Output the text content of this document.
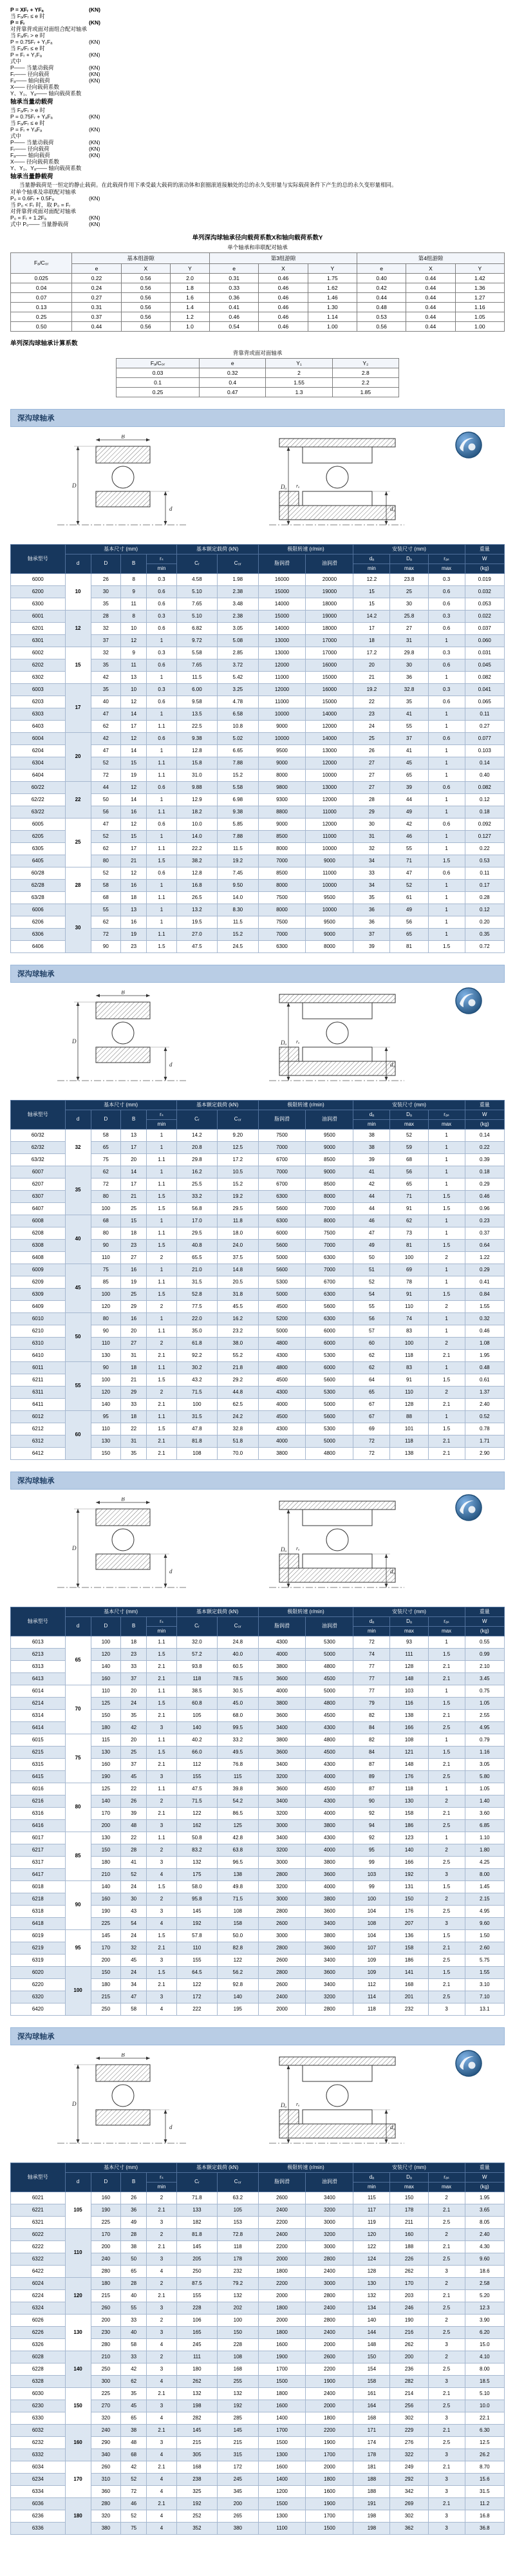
P = XFᵣ + YFₐ	(KN)
当 Fₐ/Fᵣ ≤ e 时
P = Fᵣ	(KN)
对背靠背或面对面组合配对轴承
当 Fₐ/Fᵣ > e 时
P = 0.75Fᵣ + Y₁Fₐ	(KN)
当 Fₐ/Fᵣ ≤ e 时
P = Fᵣ + Y₁Fₐ	(KN)
式中
P—— 当量动载荷	(KN)
Fᵣ—— 径向载荷	(KN)
Fₐ—— 轴向载荷	(KN)
X—— 径向载荷系数
Y、Y₁、Yₐ—— 轴向载荷系数
轴承当量动载荷
当 Fₐ/Fᵣ > e 时
P = 0.75Fᵣ + YₐFₐ	(KN)
当 Fₐ/Fᵣ ≤ e 时
P = Fᵣ + YₐFₐ	(KN)
式中
P—— 当量动载荷	(KN)
Fᵣ—— 径向载荷	(KN)
Fₐ—— 轴向载荷	(KN)
X—— 径向载荷系数
Y、Y₁、Yₐ—— 轴向载荷系数
轴承当量静载荷
当量静载荷是一恒定的静止载荷。在此载荷作用下承受最大载荷的滚动体和套圈滚道接触处的总的永久变形量与实际载荷条件下产生的总的永久变形量相同。
对单个轴承及串联配对轴承
P₀ = 0.6Fᵣ + 0.5Fₐ	(KN)
当 P₀ < Fᵣ 时，取 P₀ = Fᵣ
对背靠背或面对面配对轴承
P₀ = Fᵣ + 1.2Fₐ	(KN)
式中 P₀—— 当量静载荷	(KN)
单列深沟球轴承径向载荷系数X和轴向载荷系数Y
单个轴承和串联配对轴承
Fₐ/C₀ᵣ	基本组游隙			第3组游隙			第4组游隙		
	e	X	Y	e	X	Y	e	X	Y
0.025	0.22	0.56	2.0	0.31	0.46	1.75	0.40	0.44	1.42
0.04	0.24	0.56	1.8	0.33	0.46	1.62	0.42	0.44	1.36
0.07	0.27	0.56	1.6	0.36	0.46	1.46	0.44	0.44	1.27
0.13	0.31	0.56	1.4	0.41	0.46	1.30	0.48	0.44	1.16
0.25	0.37	0.56	1.2	0.46	0.46	1.14	0.53	0.44	1.05
0.50	0.44	0.56	1.0	0.54	0.46	1.00	0.56	0.44	1.00
单列深沟球轴承计算系数
背靠背或面对面轴承
Fₐ/C₀ᵣ	e	Y₁	Y₂
0.03	0.32	2	2.8
0.1	0.4	1.55	2.2
0.25	0.47	1.3	1.85
深沟球轴承
B
D
d
Dₐ
dₐ
rₐ
轴承型号	基本尺寸 (mm)				基本额定载荷 (kN)		极限转速 (r/min)		安装尺寸 (mm)			重量
	d	D	B	rₛ	Cᵣ	C₀ᵣ	脂润滑	油润滑	dₐ	Dₐ	rₐₛ	W
				min					min	max	max	(kg)
6000	10	26	8	0.3	4.58	1.98	16000	20000	12.2	23.8	0.3	0.019
6200		30	9	0.6	5.10	2.38	15000	19000	15	25	0.6	0.032
6300		35	11	0.6	7.65	3.48	14000	18000	15	30	0.6	0.053
6001	12	28	8	0.3	5.10	2.38	15000	19000	14.2	25.8	0.3	0.022
6201		32	10	0.6	6.82	3.05	14000	18000	17	27	0.6	0.037
6301		37	12	1	9.72	5.08	13000	17000	18	31	1	0.060
6002	15	32	9	0.3	5.58	2.85	13000	17000	17.2	29.8	0.3	0.031
6202		35	11	0.6	7.65	3.72	12000	16000	20	30	0.6	0.045
6302		42	13	1	11.5	5.42	11000	15000	21	36	1	0.082
6003	17	35	10	0.3	6.00	3.25	12000	16000	19.2	32.8	0.3	0.041
6203		40	12	0.6	9.58	4.78	11000	15000	22	35	0.6	0.065
6303		47	14	1	13.5	6.58	10000	14000	23	41	1	0.11
6403		62	17	1.1	22.5	10.8	9000	12000	24	55	1	0.27
6004	20	42	12	0.6	9.38	5.02	10000	14000	25	37	0.6	0.077
6204		47	14	1	12.8	6.65	9500	13000	26	41	1	0.103
6304		52	15	1.1	15.8	7.88	9000	12000	27	45	1	0.14
6404		72	19	1.1	31.0	15.2	8000	10000	27	65	1	0.40
60/22	22	44	12	0.6	9.88	5.58	9800	13000	27	39	0.6	0.082
62/22		50	14	1	12.9	6.98	9300	12000	28	44	1	0.12
63/22		56	16	1.1	18.2	9.38	8800	11000	29	49	1	0.18
6005	25	47	12	0.6	10.0	5.85	9000	12000	30	42	0.6	0.092
6205		52	15	1	14.0	7.88	8500	11000	31	46	1	0.127
6305		62	17	1.1	22.2	11.5	8000	10000	32	55	1	0.22
6405		80	21	1.5	38.2	19.2	7000	9000	34	71	1.5	0.53
60/28	28	52	12	0.6	12.8	7.45	8500	11000	33	47	0.6	0.11
62/28		58	16	1	16.8	9.50	8000	10000	34	52	1	0.17
63/28		68	18	1.1	26.5	14.0	7500	9500	35	61	1	0.28
6006	30	55	13	1	13.2	8.30	8000	10000	36	49	1	0.12
6206		62	16	1	19.5	11.5	7500	9500	36	56	1	0.20
6306		72	19	1.1	27.0	15.2	7000	9000	37	65	1	0.35
6406		90	23	1.5	47.5	24.5	6300	8000	39	81	1.5	0.72
深沟球轴承
B
D
d
Dₐ
dₐ
rₐ
轴承型号	基本尺寸 (mm)				基本额定载荷 (kN)		极限转速 (r/min)		安装尺寸 (mm)			重量
	d	D	B	rₛ	Cᵣ	C₀ᵣ	脂润滑	油润滑	dₐ	Dₐ	rₐₛ	W
				min					min	max	max	(kg)
60/32	32	58	13	1	14.2	9.20	7500	9500	38	52	1	0.14
62/32		65	17	1	20.8	12.5	7000	9000	38	59	1	0.22
63/32		75	20	1.1	29.8	17.2	6700	8500	39	68	1	0.39
6007	35	62	14	1	16.2	10.5	7000	9000	41	56	1	0.18
6207		72	17	1.1	25.5	15.2	6700	8500	42	65	1	0.29
6307		80	21	1.5	33.2	19.2	6300	8000	44	71	1.5	0.46
6407		100	25	1.5	56.8	29.5	5600	7000	44	91	1.5	0.96
6008	40	68	15	1	17.0	11.8	6300	8000	46	62	1	0.23
6208		80	18	1.1	29.5	18.0	6000	7500	47	73	1	0.37
6308		90	23	1.5	40.8	24.0	5600	7000	49	81	1.5	0.64
6408		110	27	2	65.5	37.5	5000	6300	50	100	2	1.22
6009	45	75	16	1	21.0	14.8	5600	7000	51	69	1	0.29
6209		85	19	1.1	31.5	20.5	5300	6700	52	78	1	0.41
6309		100	25	1.5	52.8	31.8	5000	6300	54	91	1.5	0.84
6409		120	29	2	77.5	45.5	4500	5600	55	110	2	1.55
6010	50	80	16	1	22.0	16.2	5200	6300	56	74	1	0.32
6210		90	20	1.1	35.0	23.2	5000	6000	57	83	1	0.46
6310		110	27	2	61.8	38.0	4800	6000	60	100	2	1.08
6410		130	31	2.1	92.2	55.2	4300	5300	62	118	2.1	1.95
6011	55	90	18	1.1	30.2	21.8	4800	6000	62	83	1	0.48
6211		100	21	1.5	43.2	29.2	4500	5600	64	91	1.5	0.61
6311		120	29	2	71.5	44.8	4300	5300	65	110	2	1.37
6411		140	33	2.1	100	62.5	4000	5000	67	128	2.1	2.40
6012	60	95	18	1.1	31.5	24.2	4500	5600	67	88	1	0.52
6212		110	22	1.5	47.8	32.8	4300	5300	69	101	1.5	0.78
6312		130	31	2.1	81.8	51.8	4000	5000	72	118	2.1	1.71
6412		150	35	2.1	108	70.0	3800	4800	72	138	2.1	2.90
深沟球轴承
B
D
d
Dₐ
dₐ
rₐ
轴承型号	基本尺寸 (mm)				基本额定载荷 (kN)		极限转速 (r/min)		安装尺寸 (mm)			重量
	d	D	B	rₛ	Cᵣ	C₀ᵣ	脂润滑	油润滑	dₐ	Dₐ	rₐₛ	W
				min					min	max	max	(kg)
6013	65	100	18	1.1	32.0	24.8	4300	5300	72	93	1	0.55
6213		120	23	1.5	57.2	40.0	4000	5000	74	111	1.5	0.99
6313		140	33	2.1	93.8	60.5	3800	4800	77	128	2.1	2.10
6413		160	37	2.1	118	78.5	3600	4500	77	148	2.1	3.45
6014	70	110	20	1.1	38.5	30.5	4000	5000	77	103	1	0.75
6214		125	24	1.5	60.8	45.0	3800	4800	79	116	1.5	1.05
6314		150	35	2.1	105	68.0	3600	4500	82	138	2.1	2.55
6414		180	42	3	140	99.5	3400	4300	84	166	2.5	4.95
6015	75	115	20	1.1	40.2	33.2	3800	4800	82	108	1	0.79
6215		130	25	1.5	66.0	49.5	3600	4500	84	121	1.5	1.16
6315		160	37	2.1	112	76.8	3400	4300	87	148	2.1	3.05
6415		190	45	3	155	115	3200	4000	89	176	2.5	5.80
6016	80	125	22	1.1	47.5	39.8	3600	4500	87	118	1	1.05
6216		140	26	2	71.5	54.2	3400	4300	90	130	2	1.40
6316		170	39	2.1	122	86.5	3200	4000	92	158	2.1	3.60
6416		200	48	3	162	125	3000	3800	94	186	2.5	6.85
6017	85	130	22	1.1	50.8	42.8	3400	4300	92	123	1	1.10
6217		150	28	2	83.2	63.8	3200	4000	95	140	2	1.80
6317		180	41	3	132	96.5	3000	3800	99	166	2.5	4.25
6417		210	52	4	175	138	2800	3600	103	192	3	8.00
6018	90	140	24	1.5	58.0	49.8	3200	4000	99	131	1.5	1.45
6218		160	30	2	95.8	71.5	3000	3800	100	150	2	2.15
6318		190	43	3	145	108	2800	3600	104	176	2.5	4.95
6418		225	54	4	192	158	2600	3400	108	207	3	9.60
6019	95	145	24	1.5	57.8	50.0	3000	3800	104	136	1.5	1.50
6219		170	32	2.1	110	82.8	2800	3600	107	158	2.1	2.60
6319		200	45	3	155	122	2600	3400	109	186	2.5	5.75
6020	100	150	24	1.5	64.5	56.2	2800	3600	109	141	1.5	1.55
6220		180	34	2.1	122	92.8	2600	3400	112	168	2.1	3.10
6320		215	47	3	172	140	2400	3200	114	201	2.5	7.10
6420		250	58	4	222	195	2000	2800	118	232	3	13.1
深沟球轴承
B
D
d
Dₐ
dₐ
rₐ
轴承型号	基本尺寸 (mm)				基本额定载荷 (kN)		极限转速 (r/min)		安装尺寸 (mm)			重量
	d	D	B	rₛ	Cᵣ	C₀ᵣ	脂润滑	油润滑	dₐ	Dₐ	rₐₛ	W
				min					min	max	max	(kg)
6021	105	160	26	2	71.8	63.2	2600	3400	115	150	2	1.95
6221		190	36	2.1	133	105	2400	3200	117	178	2.1	3.65
6321		225	49	3	182	153	2200	3000	119	211	2.5	8.05
6022	110	170	28	2	81.8	72.8	2400	3200	120	160	2	2.40
6222		200	38	2.1	145	118	2200	3000	122	188	2.1	4.30
6322		240	50	3	205	178	2000	2800	124	226	2.5	9.60
6422		280	65	4	250	232	1800	2400	128	262	3	18.6
6024	120	180	28	2	87.5	79.2	2200	3000	130	170	2	2.58
6224		215	40	2.1	155	132	2000	2800	132	203	2.1	5.20
6324		260	55	3	228	202	1800	2400	134	246	2.5	12.3
6026	130	200	33	2	106	100	2000	2800	140	190	2	3.90
6226		230	40	3	165	150	1800	2400	144	216	2.5	6.20
6326		280	58	4	245	228	1600	2000	148	262	3	15.0
6028	140	210	33	2	111	108	1900	2600	150	200	2	4.10
6228		250	42	3	180	168	1700	2200	154	236	2.5	8.00
6328		300	62	4	262	255	1500	1900	158	282	3	18.5
6030	150	225	35	2.1	132	132	1800	2400	161	214	2.1	5.10
6230		270	45	3	198	192	1600	2000	164	256	2.5	10.0
6330		320	65	4	282	285	1400	1800	168	302	3	22.1
6032	160	240	38	2.1	145	145	1700	2200	171	229	2.1	6.30
6232		290	48	3	215	215	1500	1900	174	276	2.5	12.5
6332		340	68	4	305	315	1300	1700	178	322	3	26.2
6034	170	260	42	2.1	168	172	1600	2000	181	249	2.1	8.70
6234		310	52	4	238	245	1400	1800	188	292	3	15.6
6334		360	72	4	325	345	1200	1600	188	342	3	31.5
6036	180	280	46	2.1	192	200	1500	1900	191	269	2.1	11.2
6236		320	52	4	252	265	1300	1700	198	302	3	16.8
6336		380	75	4	352	380	1100	1500	198	362	3	36.8
